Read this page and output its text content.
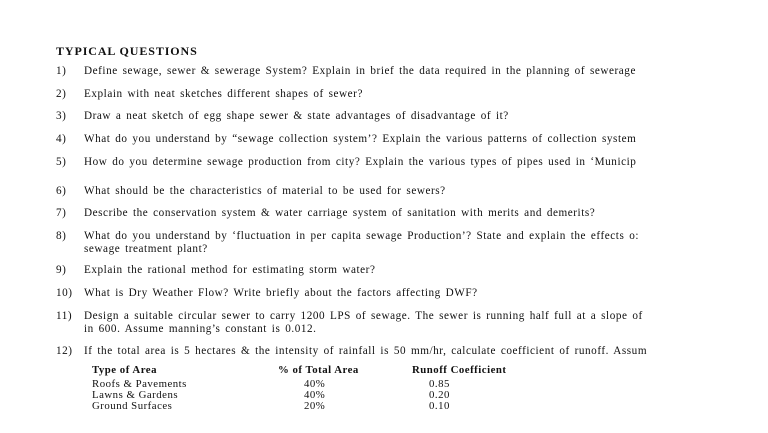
TYPICAL QUESTIONS
1) Define sewage, sewer & sewerage System? Explain in brief the data required in the planning of sewerage
2) Explain with neat sketches different shapes of sewer?
3) Draw a neat sketch of egg shape sewer & state advantages of disadvantage of it?
4) What do you understand by “sewage collection system’? Explain the various patterns of collection system
5) How do you determine sewage production from city? Explain the various types of pipes used in ‘Municip
6) What should be the characteristics of material to be used for sewers?
7) Describe the conservation system & water carriage system of sanitation with merits and demerits?
8) What do you understand by ‘fluctuation in per capita sewage Production’? State and explain the effects o:
sewage treatment plant?
9) Explain the rational method for estimating storm water?
10) What is Dry Weather Flow? Write briefly about the factors affecting DWF?
11) Design a suitable circular sewer to carry 1200 LPS of sewage. The sewer is running half full at a slope of
in 600. Assume manning’s constant is 0.012.
12) If the total area is 5 hectares & the intensity of rainfall is 50 mm/hr, calculate coefficient of runoff. Assum
Type of Area	% of Total Area	Runoff Coefficient
Roofs & Pavements	40%	0.85
Lawns & Gardens	40%	0.20
Ground Surfaces	20%	0.10
